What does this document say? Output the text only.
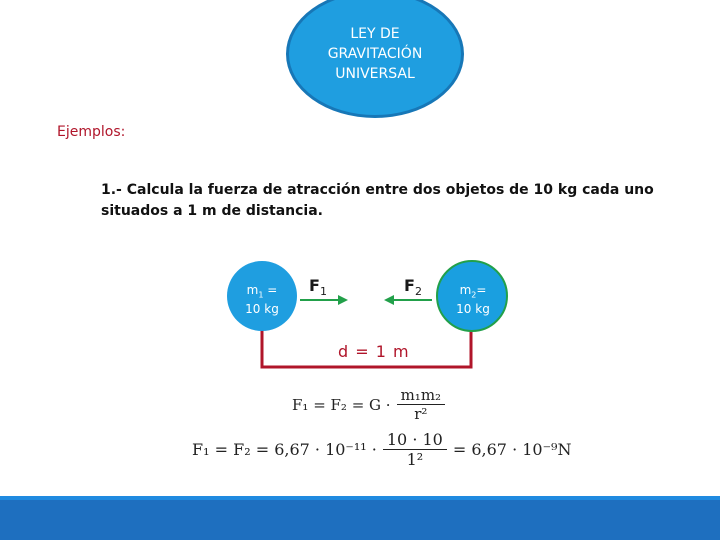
LEY DE
GRAVITACIÓN
UNIVERSAL
Ejemplos:
1.- Calcula la fuerza de atracción entre dos objetos de 10 kg cada uno situados a 1 m de distancia.
$m_1$ =
10 kg
$m_2=$
10 kg
$F_1$	$F_2$
d = 1 m
$F_1 = F_2 = G \cdot \frac{\text{m₁m₂}}{\text{r²}}$
$F_1 = F_2 = 6,67 \cdot 10^{-11} \cdot \frac{10 \cdot 10}{\text{1²}} = 6,67 \cdot 10^{-9}N$
